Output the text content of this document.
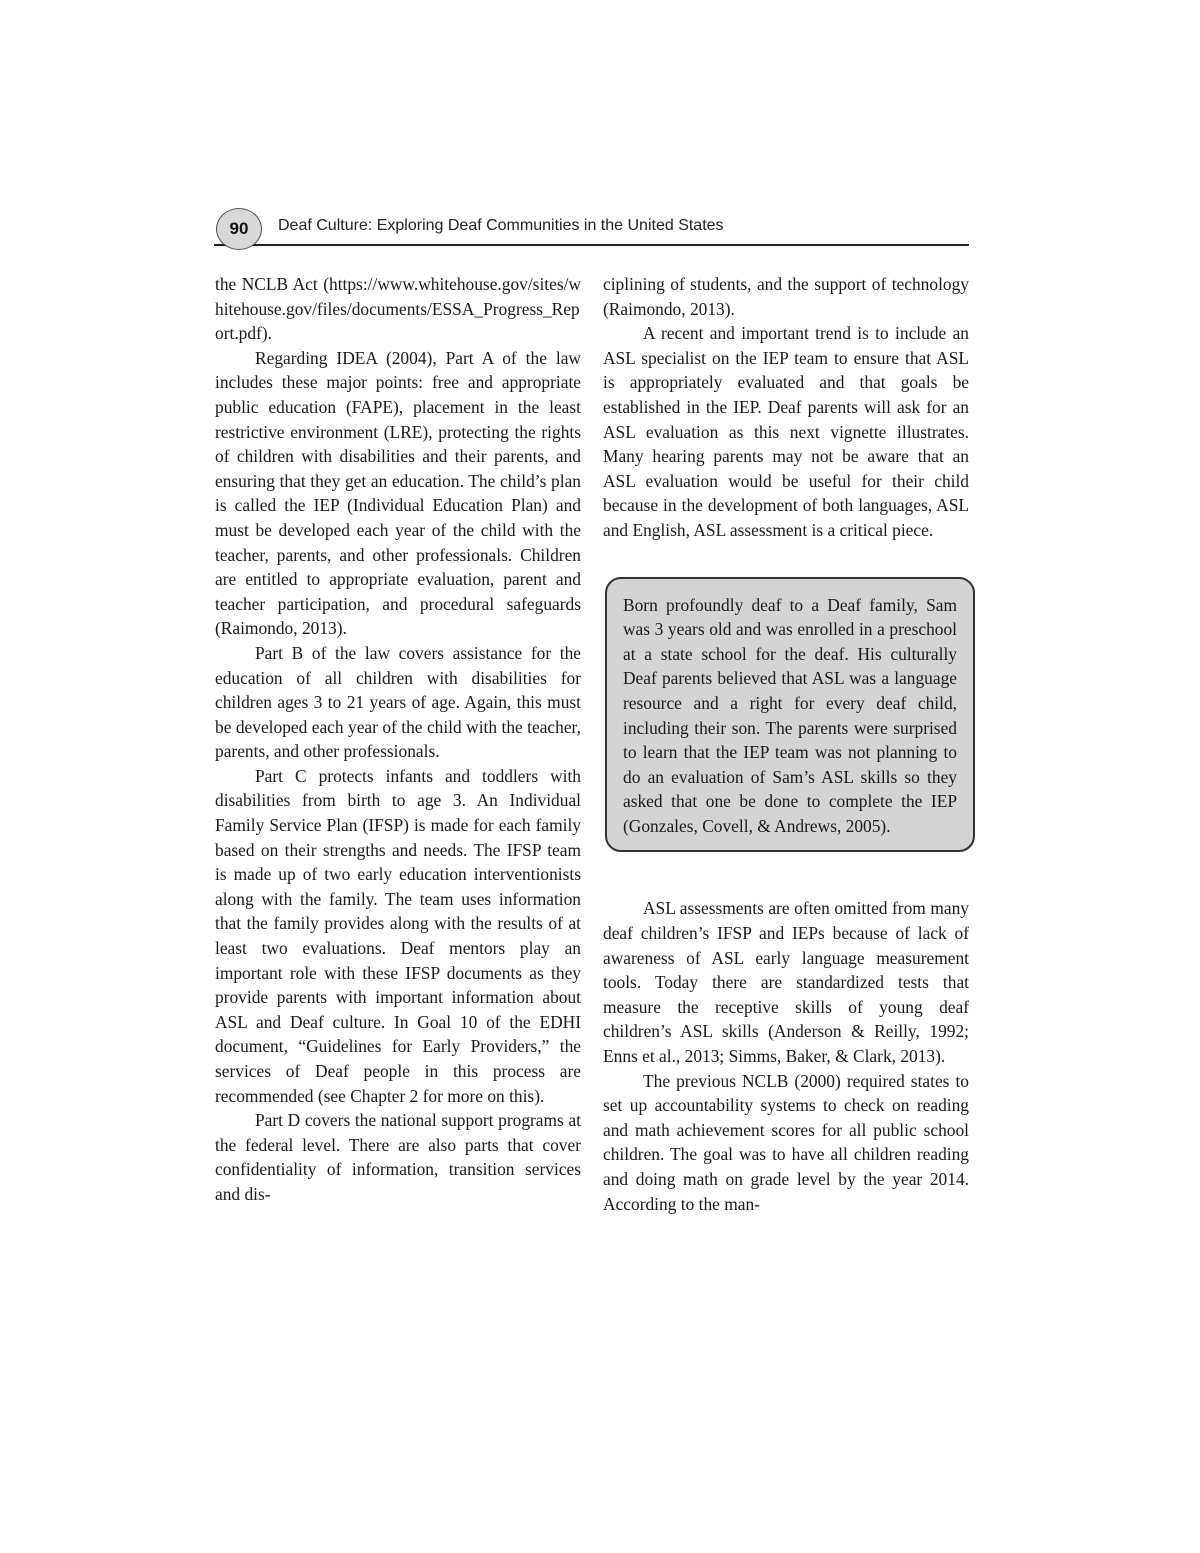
90	Deaf Culture: Exploring Deaf Communities in the United States

the NCLB Act (https://www.whitehouse.gov/sites/whitehouse.gov/files/documents/ESSA_Progress_Report.pdf).

Regarding IDEA (2004), Part A of the law includes these major points: free and appropriate public education (FAPE), placement in the least restrictive environment (LRE), protecting the rights of children with disabilities and their parents, and ensuring that they get an education. The child’s plan is called the IEP (Individual Education Plan) and must be developed each year of the child with the teacher, parents, and other professionals. Children are entitled to appropriate evaluation, parent and teacher participation, and procedural safeguards (Raimondo, 2013).

Part B of the law covers assistance for the education of all children with disabilities for children ages 3 to 21 years of age. Again, this must be developed each year of the child with the teacher, parents, and other professionals.

Part C protects infants and toddlers with disabilities from birth to age 3. An Individual Family Service Plan (IFSP) is made for each family based on their strengths and needs. The IFSP team is made up of two early education interventionists along with the family. The team uses information that the family provides along with the results of at least two evaluations. Deaf mentors play an important role with these IFSP documents as they provide parents with important information about ASL and Deaf culture. In Goal 10 of the EDHI document, “Guidelines for Early Providers,” the services of Deaf people in this process are recommended (see Chapter 2 for more on this).

Part D covers the national support programs at the federal level. There are also parts that cover confidentiality of information, transition services and dis-

ciplining of students, and the support of technology (Raimondo, 2013).

A recent and important trend is to include an ASL specialist on the IEP team to ensure that ASL is appropriately evaluated and that goals be established in the IEP. Deaf parents will ask for an ASL evaluation as this next vignette illustrates. Many hearing parents may not be aware that an ASL evaluation would be useful for their child because in the development of both languages, ASL and English, ASL assessment is a critical piece.

Born profoundly deaf to a Deaf family, Sam was 3 years old and was enrolled in a preschool at a state school for the deaf. His culturally Deaf parents believed that ASL was a language resource and a right for every deaf child, including their son. The parents were surprised to learn that the IEP team was not planning to do an evaluation of Sam’s ASL skills so they asked that one be done to complete the IEP (Gonzales, Covell, & Andrews, 2005).

ASL assessments are often omitted from many deaf children’s IFSP and IEPs because of lack of awareness of ASL early language measurement tools. Today there are standardized tests that measure the receptive skills of young deaf children’s ASL skills (Anderson & Reilly, 1992; Enns et al., 2013; Simms, Baker, & Clark, 2013).

The previous NCLB (2000) required states to set up accountability systems to check on reading and math achievement scores for all public school children. The goal was to have all children reading and doing math on grade level by the year 2014. According to the man-
